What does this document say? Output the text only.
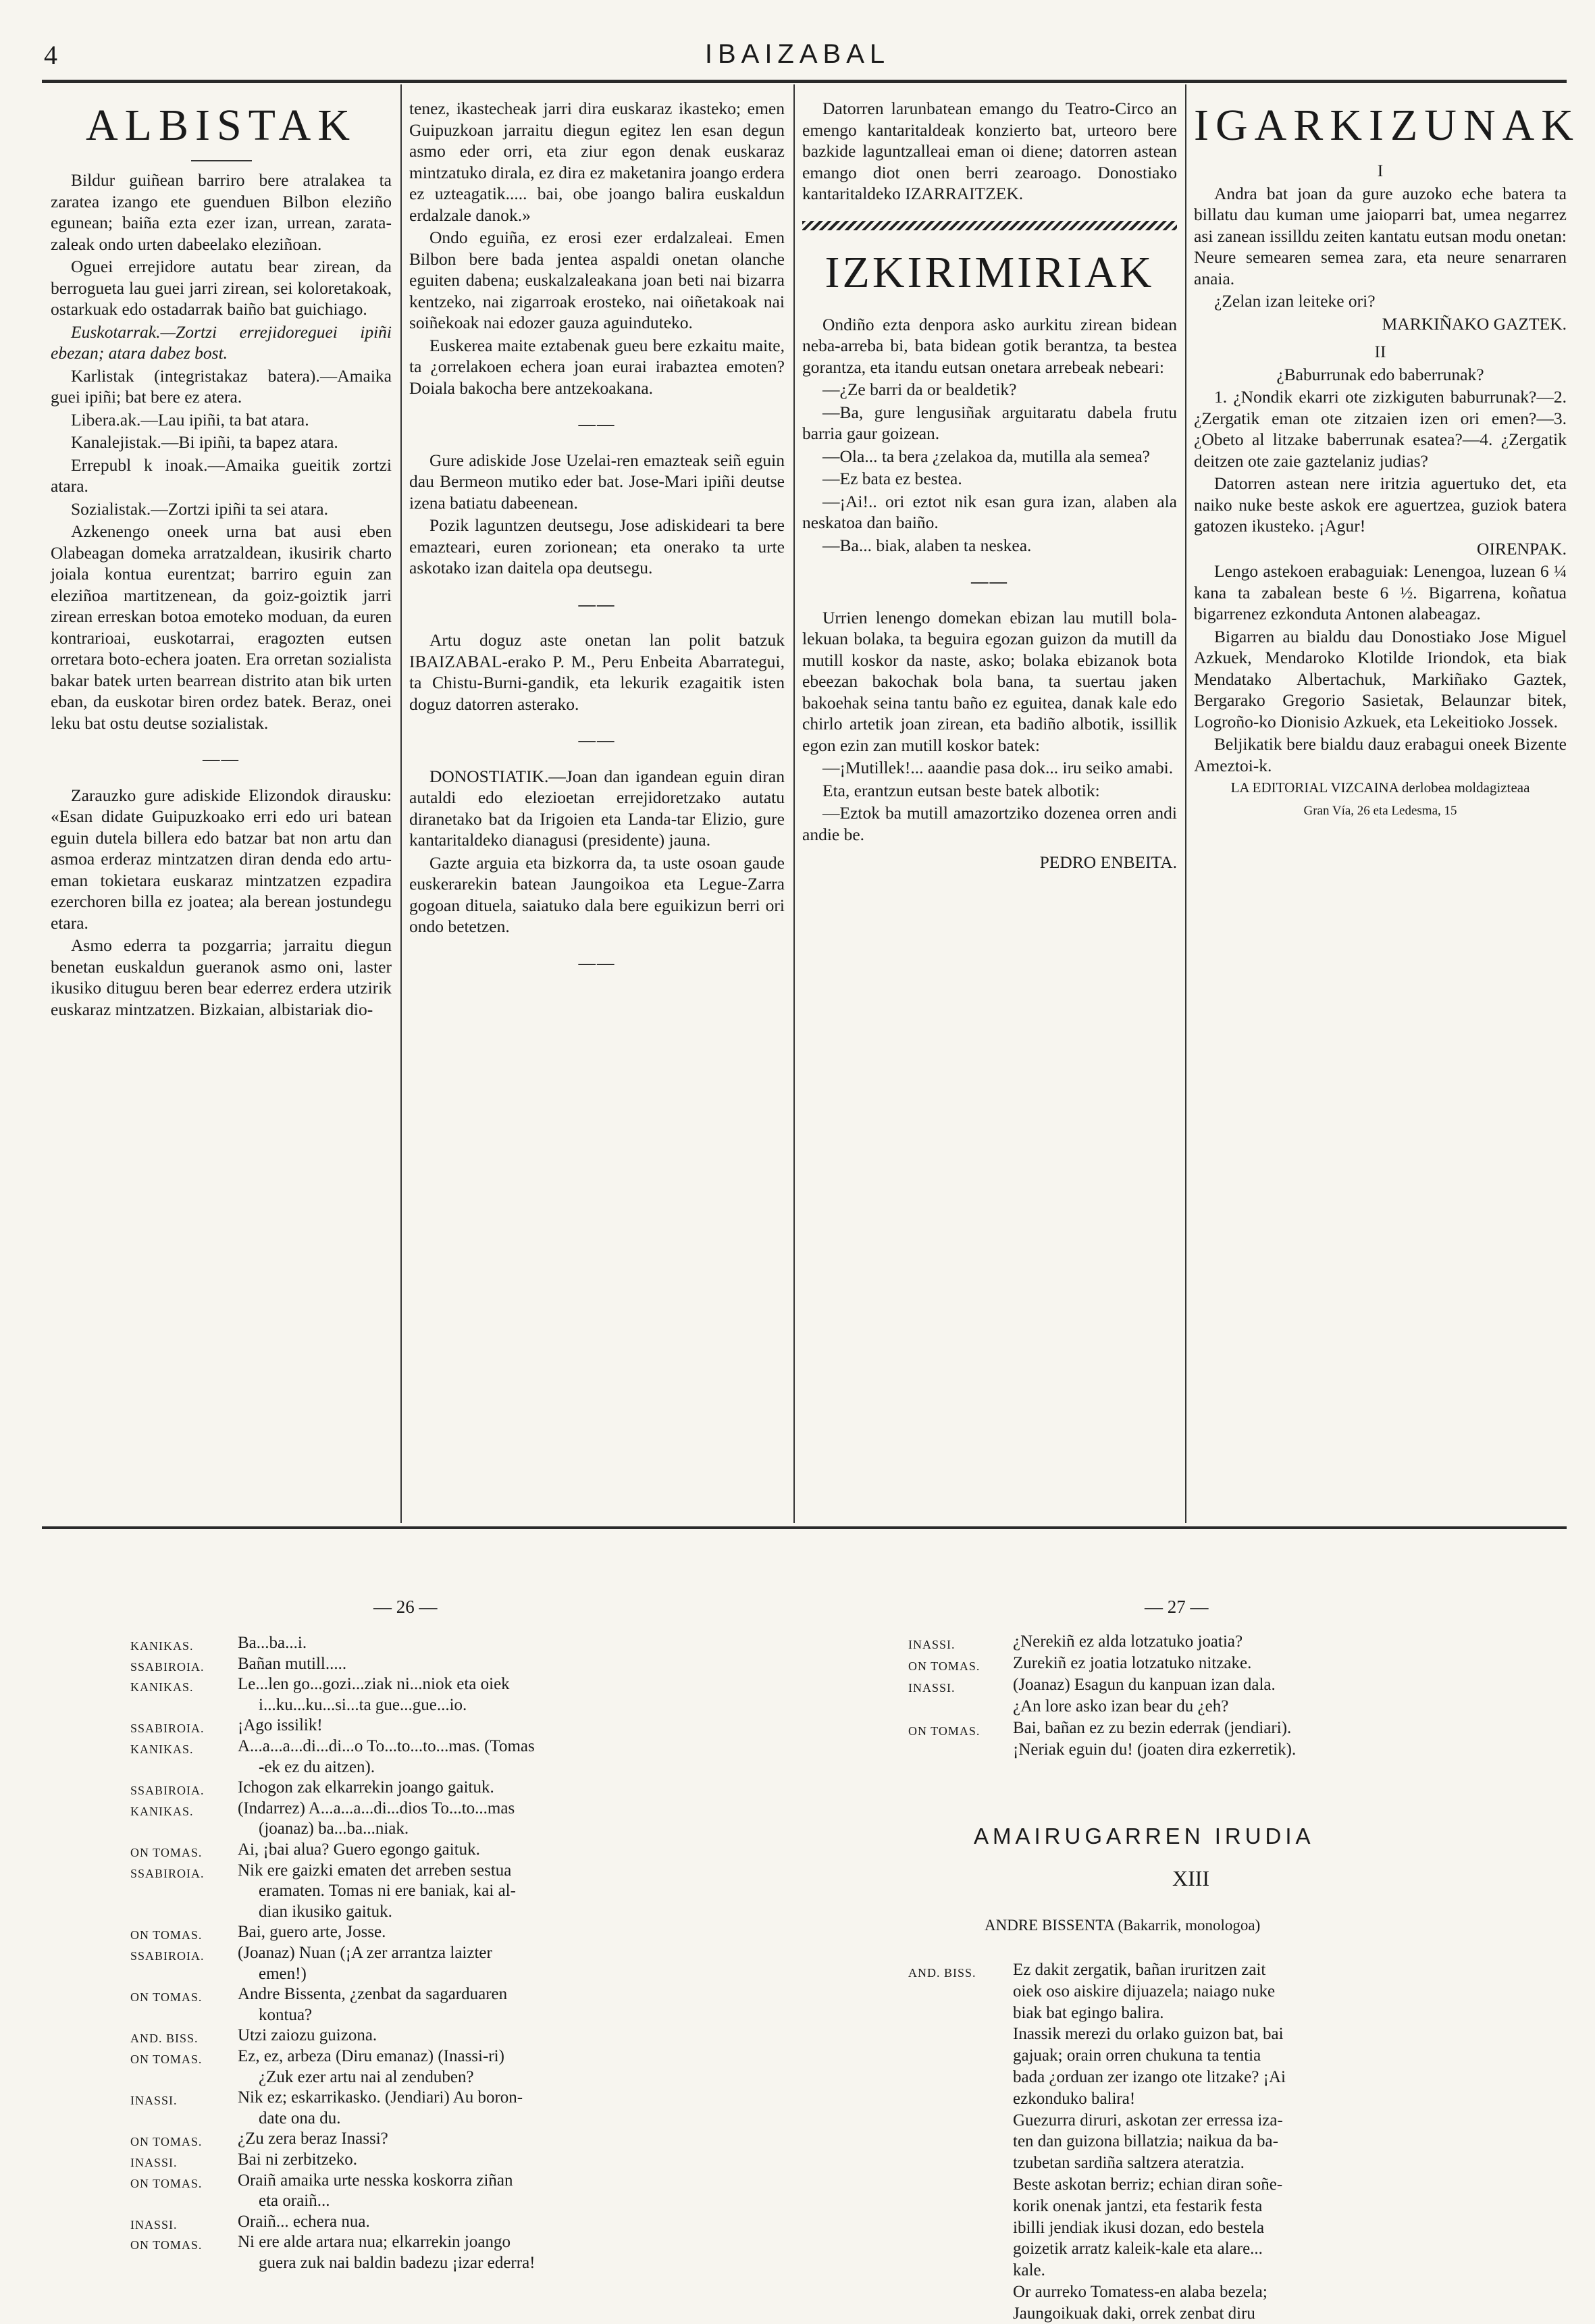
4	IBAIZABAL
ALBISTAK

Bildur guiñean barriro bere atralakea ta zaratea izango ete guenduen Bilbon eleziño egunean; baiña ezta ezer izan, urrean, zarata-zaleak ondo urten dabeelako eleziñoan.

Oguei errejidore autatu bear zirean, da berrogueta lau guei jarri zirean, sei koloretakoak, ostarkuak edo ostadarrak baiño bat guichiago.

Euskotarrak.—Zortzi errejidoreguei ipiñi ebezan; atara dabez bost.

Karlistak (integristakaz batera).—Amaika guei ipiñi; bat bere ez atera.

Libera.ak.—Lau ipiñi, ta bat atara.

Kanalejistak.—Bi ipiñi, ta bapez atara.

Errepubl k inoak.—Amaika gueitik zortzi atara.

Sozialistak.—Zortzi ipiñi ta sei atara.

Azkenengo oneek urna bat ausi eben Olabeagan domeka arratzaldean, ikusirik charto joiala kontua eurentzat; barriro eguin zan eleziñoa martitzenean, da goiz-goiztik jarri zirean erreskan botoa emoteko moduan, da euren kontrarioai, euskotarrai, eragozten eutsen orretara boto-echera joaten. Era orretan sozialista bakar batek urten bearrean distrito atan bik urten eban, da euskotar biren ordez batek. Beraz, onei leku bat ostu deutse sozialistak.

——

Zarauzko gure adiskide Elizondok dirausku: «Esan didate Guipuzkoako erri edo uri batean eguin dutela billera edo batzar bat non artu dan asmoa erderaz mintzatzen diran denda edo artu-eman tokietara euskaraz mintzatzen ezpadira ezerchoren billa ez joatea; ala berean jostundegu etara.

Asmo ederra ta pozgarria; jarraitu diegun benetan euskaldun gueranok asmo oni, laster ikusiko dituguu beren bear ederrez erdera utzirik euskaraz mintzatzen. Bizkaian, albistariak dio-

tenez, ikastecheak jarri dira euskaraz ikasteko; emen Guipuzkoan jarraitu diegun egitez len esan degun asmo eder orri, eta ziur egon denak euskaraz mintzatuko dirala, ez dira ez maketanira joango erdera ez uzteagatik..... bai, obe joango balira euskaldun erdalzale danok.»

Ondo eguiña, ez erosi ezer erdalzaleai. Emen Bilbon bere bada jentea aspaldi onetan olanche eguiten dabena; euskalzaleakana joan beti nai bizarra kentzeko, nai zigarroak erosteko, nai oiñetakoak nai soiñekoak nai edozer gauza aguinduteko.

Euskerea maite eztabenak gueu bere ezkaitu maite, ta ¿orrelakoen echera joan eurai irabaztea emoten? Doiala bakocha bere antzekoakana.

——

Gure adiskide Jose Uzelai-ren emazteak seiñ eguin dau Bermeon mutiko eder bat. Jose-Mari ipiñi deutse izena batiatu dabeenean.

Pozik laguntzen deutsegu, Jose adiskideari ta bere emazteari, euren zorionean; eta onerako ta urte askotako izan daitela opa deutsegu.

——

Artu doguz aste onetan lan polit batzuk IBAIZABAL-erako P. M., Peru Enbeita Abarrategui, ta Chistu-Burni-gandik, eta lekurik ezagaitik isten doguz datorren asterako.

——

DONOSTIATIK.—Joan dan igandean eguin diran autaldi edo elezioetan errejidoretzako autatu diranetako bat da Irigoien eta Landa-tar Elizio, gure kantaritaldeko dianagusi (presidente) jauna.

Gazte arguia eta bizkorra da, ta uste osoan gaude euskerarekin batean Jaungoikoa eta Legue-Zarra gogoan dituela, saiatuko dala bere eguikizun berri ori ondo betetzen.

——

Datorren larunbatean emango du Teatro-Circo an emengo kantaritaldeak konzierto bat, urteoro bere bazkide laguntzalleai eman oi diene; datorren astean emango diot onen berri zearoago. Donostiako kantaritaldeko IZARRAITZEK.

IZKIRIMIRIAK

Ondiño ezta denpora asko aurkitu zirean bidean neba-arreba bi, bata bidean gotik berantza, ta bestea gorantza, eta itandu eutsan onetara arrebeak nebeari:

—¿Ze barri da or bealdetik?

—Ba, gure lengusiñak arguitaratu dabela frutu barria gaur goizean.

—Ola... ta bera ¿zelakoa da, mutilla ala semea?

—Ez bata ez bestea.

—¡Ai!.. ori eztot nik esan gura izan, alaben ala neskatoa dan baiño.

—Ba... biak, alaben ta neskea.

——

Urrien lenengo domekan ebizan lau mutill bola-lekuan bolaka, ta beguira egozan guizon da mutill da mutill koskor da naste, asko; bolaka ebizanok bota ebeezan bakochak bola bana, ta suertau jaken bakoehak seina tantu baño ez eguitea, danak kale edo chirlo artetik joan zirean, eta badiño albotik, issillik egon ezin zan mutill koskor batek:

—¡Mutillek!... aaandie pasa dok... iru seiko amabi.

Eta, erantzun eutsan beste batek albotik:

—Eztok ba mutill amazortziko dozenea orren andi andie be.

PEDRO ENBEITA.

IGARKIZUNAK

I

Andra bat joan da gure auzoko eche batera ta billatu dau kuman ume jaioparri bat, umea negarrez asi zanean issilldu zeiten kantatu eutsan modu onetan: Neure semearen semea zara, eta neure senarraren anaia.

¿Zelan izan leiteke ori?

MARKIÑAKO GAZTEK.

II

¿Baburrunak edo baberrunak?

1. ¿Nondik ekarri ote zizkiguten baburrunak?—2. ¿Zergatik eman ote zitzaien izen ori emen?—3. ¿Obeto al litzake baberrunak esatea?—4. ¿Zergatik deitzen ote zaie gaztelaniz judias?

Datorren astean nere iritzia aguertuko det, eta naiko nuke beste askok ere aguertzea, guziok batera gatozen ikusteko. ¡Agur!

OIRENPAK.

Lengo astekoen erabaguiak: Lenengoa, luzean 6 ¼ kana ta zabalean beste 6 ½. Bigarrena, koñatua bigarrenez ezkonduta Antonen alabeagaz.

Bigarren au bialdu dau Donostiako Jose Miguel Azkuek, Mendaroko Klotilde Iriondok, eta biak Mendatako Albertachuk, Markiñako Gaztek, Bergarako Gregorio Sasietak, Belaunzar bitek, Logroño-ko Dionisio Azkuek, eta Lekeitioko Jossek.

Beljikatik bere bialdu dauz erabagui oneek Bizente Ameztoi-k.

LA EDITORIAL VIZCAINA derlobea moldagizteaa

Gran Vía, 26 eta Ledesma, 15

— 26 —	— 27 —
KANIKAS.	Ba...ba...i.
SSABIROIA. Bañan mutill.....
KANIKAS.	Le...len go...gozi...ziak ni...niok eta oiek
i...ku...ku...si...ta gue...gue...io.
SSABIROIA. ¡Ago issilik!
KANIKAS.	A...a...a...di...di...o To...to...to...mas. (Tomas
-ek ez du aitzen).
SSABIROIA. Ichogon zak elkarrekin joango gaituk.
KANIKAS.	(Indarrez) A...a...a...di...dios To...to...mas
(joanaz) ba...ba...niak.
ON TOMAS. Ai, ¡bai alua? Guero egongo gaituk.
SSABIROIA. Nik ere gaizki ematen det arreben sestua
eramaten. Tomas ni ere baniak, kai al-
dian ikusiko gaituk.
ON TOMAS. Bai, guero arte, Josse.
SSABIROIA. (Joanaz) Nuan (¡A zer arrantza laizter
emen!)
ON TOMAS. Andre Bissenta, ¿zenbat da sagarduaren
kontua?
AND. BISS. Utzi zaiozu guizona.
ON TOMAS. Ez, ez, arbeza (Diru emanaz) (Inassi-ri)
¿Zuk ezer artu nai al zenduben?
INASSI.	Nik ez; eskarrikasko. (Jendiari) Au boron-
date ona du.
ON TOMAS. ¿Zu zera beraz Inassi?
INASSI.	Bai ni zerbitzeko.
ON TOMAS. Oraiñ amaika urte nesska koskorra ziñan
eta oraiñ...
INASSI.	Oraiñ... echera nua.
ON TOMAS. Ni ere alde artara nua; elkarrekin joango
guera zuk nai baldin badezu ¡izar ederra!
INASSI.	¿Nerekiñ ez alda lotzatuko joatia?
ON TOMAS. Zurekiñ ez joatia lotzatuko nitzake.
INASSI.	(Joanaz) Esagun du kanpuan izan dala.
¿An lore asko izan bear du ¿eh?
ON TOMAS. Bai, bañan ez zu bezin ederrak (jendiari).
¡Neriak eguin du! (joaten dira ezkerretik).
AMAIRUGARREN IRUDIA
XIII
ANDRE BISSENTA (Bakarrik, monologoa)
AND. BISS. Ez dakit zergatik, bañan iruritzen zait
oiek oso aiskire dijuazela; naiago nuke
biak bat egingo balira.
Inassik merezi du orlako guizon bat, bai
gajuak; orain orren chukuna ta tentia
bada ¿orduan zer izango ote litzake? ¡Ai
ezkonduko balira!
Guezurra diruri, askotan zer erressa iza-
ten dan guizona billatzia; naikua da ba-
tzubetan sardiña saltzera ateratzia.
Beste askotan berriz; echian diran soñe-
korik onenak jantzi, eta festarik festa
ibilli jendiak ikusi dozan, edo bestela
goizetik arratz kaleik-kale eta alare...
kale.
Or aurreko Tomatess-en alaba bezela;
Jaungoikuak daki, orrek zenbat diru
